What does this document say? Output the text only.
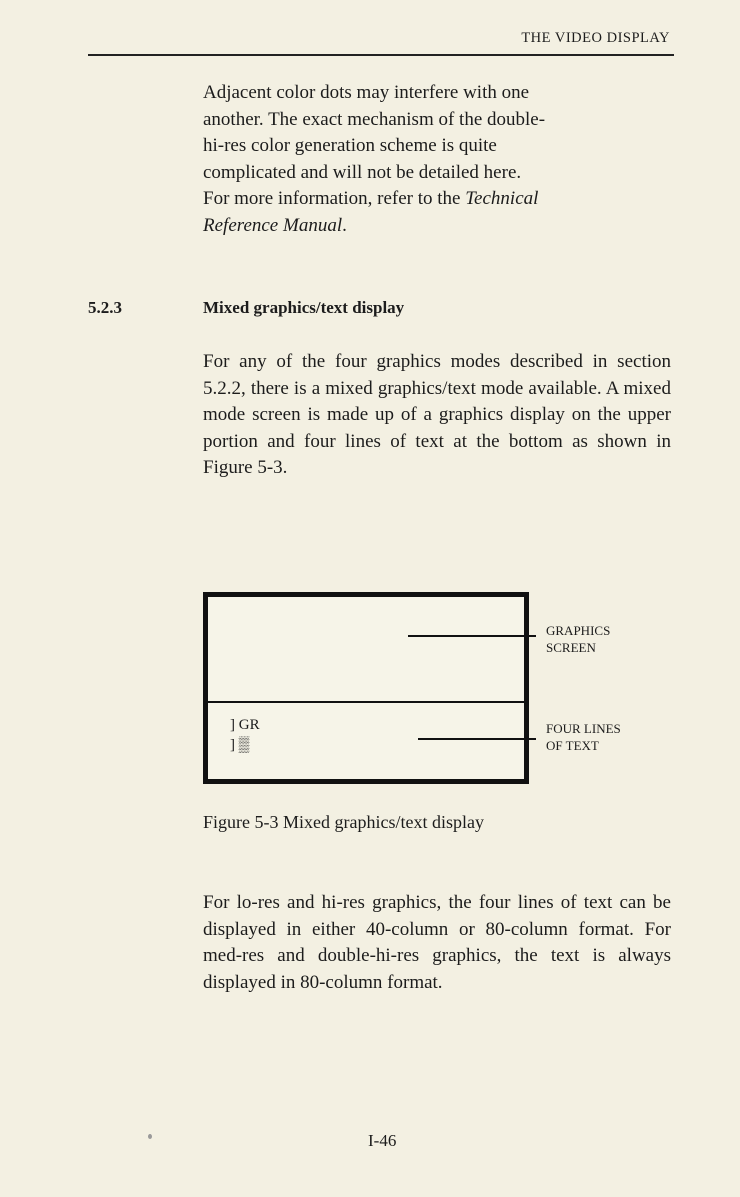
THE VIDEO DISPLAY
Adjacent color dots may interfere with one
another. The exact mechanism of the double-
hi-res color generation scheme is quite
complicated and will not be detailed here.
For more information, refer to the Technical
Reference Manual.
5.2.3	Mixed graphics/text display
For any of the four graphics modes described in section 5.2.2, there is a mixed graphics/text mode available. A mixed mode screen is made up of a graphics display on the upper portion and four lines of text at the bottom as shown in Figure 5-3.
] GR
] ▒
GRAPHICS
SCREEN
FOUR LINES
OF TEXT
Figure 5-3 Mixed graphics/text display
For lo-res and hi-res graphics, the four lines of text can be displayed in either 40-column or 80-column format. For med-res and double-hi-res graphics, the text is always displayed in 80-column format.
I-46
